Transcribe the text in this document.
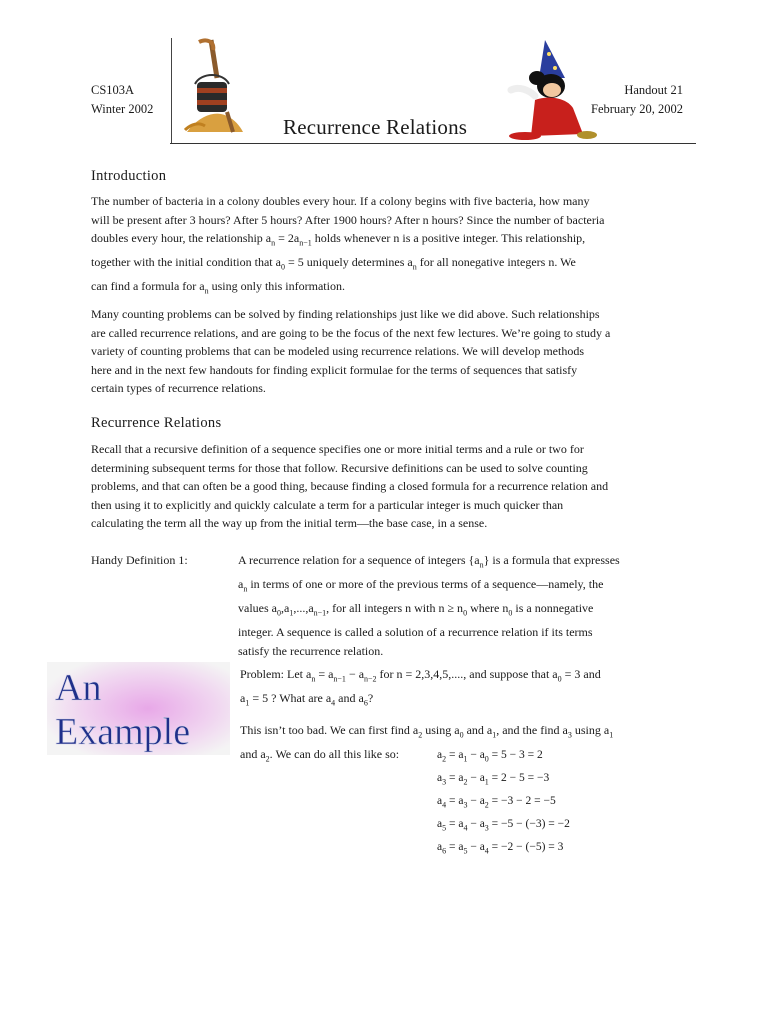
CS103A
Winter 2002
Handout 21
February 20, 2002
Recurrence Relations
Introduction

The number of bacteria in a colony doubles every hour. If a colony begins with five bacteria, how many

will be present after 3 hours? After 5 hours? After 1900 hours? After n hours? Since the number of bacteria

doubles every hour, the relationship $a_n = 2a_{n-1}$ holds whenever n is a positive integer. This relationship,

together with the initial condition that $a_0 = 5$ uniquely determines $a_n$ for all nonegative integers n. We

can find a formula for $a_n$ using only this information.

Many counting problems can be solved by finding relationships just like we did above. Such relationships

are called recurrence relations, and are going to be the focus of the next few lectures. We’re going to study a

variety of counting problems that can be modeled using recurrence relations. We will develop methods

here and in the next few handouts for finding explicit formulae for the terms of sequences that satisfy

certain types of recurrence relations.

Recurrence Relations

Recall that a recursive definition of a sequence specifies one or more initial terms and a rule or two for

determining subsequent terms for those that follow. Recursive definitions can be used to solve counting

problems, and that can often be a good thing, because finding a closed formula for a recurrence relation and

then using it to explicitly and quickly calculate a term for a particular integer is much quicker than

calculating the term all the way up from the initial term—the base case, in a sense.

Handy Definition 1:	A recurrence relation for a sequence of integers $\{a_n\}$ is a formula that expresses
$a_n$ in terms of one or more of the previous terms of a sequence—namely, the
values $a_0,a_1,...,a_{n-1}$, for all integers n with $n \ge n_0$ where $n_0$ is a nonnegative
integer. A sequence is called a solution of a recurrence relation if its terms
satisfy the recurrence relation.
An
Example
Problem: Let $a_n = a_{n-1} - a_{n-2}$ for n = 2,3,4,5,...., and suppose that $a_0 = 3$ and
$a_1 = 5$ ? What are $a_4$ and $a_6$?
This isn’t too bad. We can first find $a_2$ using $a_0$ and $a_1$, and the find $a_3$ using $a_1$
and $a_2$. We can do all this like so:	$a_2 = a_1 - a_0 = 5 - 3 = 2$
$a_3 = a_2 - a_1 = 2 - 5 = -3$
$a_4 = a_3 - a_2 = -3 - 2 = -5$
$a_5 = a_4 - a_3 = -5 - (-3) = -2$
$a_6 = a_5 - a_4 = -2 - (-5) = 3$
